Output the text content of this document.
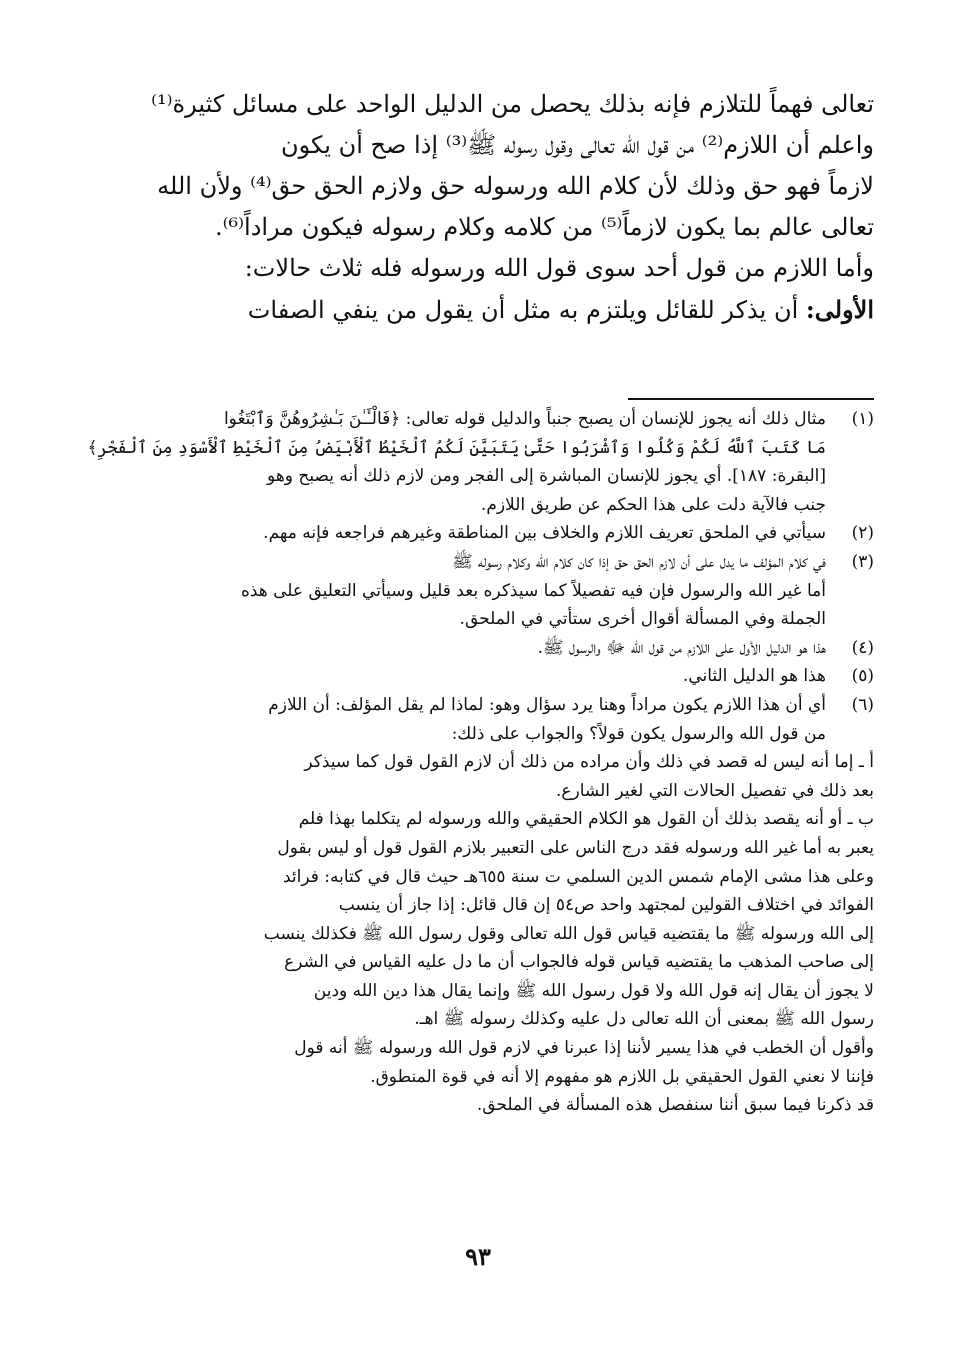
تعالى فهماً للتلازم فإنه بذلك يحصل من الدليل الواحد على مسائل كثيرة⁽¹⁾
واعلم أن اللازم⁽²⁾ من قول الله تعالى وقول رسوله ﷺ⁽³⁾ إذا صح أن يكون
لازماً فهو حق وذلك لأن كلام الله ورسوله حق ولازم الحق حق⁽⁴⁾ ولأن الله
تعالى عالم بما يكون لازماً⁽⁵⁾ من كلامه وكلام رسوله فيكون مراداً⁽⁶⁾.
وأما اللازم من قول أحد سوى قول الله ورسوله فله ثلاث حالات:
الأولى: أن يذكر للقائل ويلتزم به مثل أن يقول من ينفي الصفات
(١)
مثال ذلك أنه يجوز للإنسان أن يصبح جنباً والدليل قوله تعالى: ﴿فَالْـَٔـٰنَ بَـٰشِرُوهُنَّ وَٱبْتَغُوا
مَا كَتَبَ ٱللَّهُ لَكُمْ وَكُلُوا وَٱشْرَبُوا حَتَّىٰ يَتَبَيَّنَ لَكُمُ ٱلْخَيْطُ ٱلْأَبْيَضُ مِنَ ٱلْخَيْطِ ٱلْأَسْوَدِ مِنَ ٱلْفَجْرِ﴾
[البقرة: ١٨٧]. أي يجوز للإنسان المباشرة إلى الفجر ومن لازم ذلك أنه يصبح وهو
جنب فالآية دلت على هذا الحكم عن طريق اللازم.
(٢)
سيأتي في الملحق تعريف اللازم والخلاف بين المناطقة وغيرهم فراجعه فإنه مهم.
(٣)
في كلام المؤلف ما يدل على أن لازم الحق حق إذا كان كلام الله وكلام رسوله ﷺ
أما غير الله والرسول فإن فيه تفصيلاً كما سيذكره بعد قليل وسيأتي التعليق على هذه
الجملة وفي المسألة أقوال أخرى ستأتي في الملحق.
(٤)
هذا هو الدليل الأول على اللازم من قول الله ﷻ والرسول ﷺ.
(٥)
هذا هو الدليل الثاني.
(٦)
أي أن هذا اللازم يكون مراداً وهنا يرد سؤال وهو: لماذا لم يقل المؤلف: أن اللازم
من قول الله والرسول يكون قولاً؟ والجواب على ذلك:
أ ـ إما أنه ليس له قصد في ذلك وأن مراده من ذلك أن لازم القول قول كما سيذكر
بعد ذلك في تفصيل الحالات التي لغير الشارع.
ب ـ أو أنه يقصد بذلك أن القول هو الكلام الحقيقي والله ورسوله لم يتكلما بهذا فلم
يعبر به أما غير الله ورسوله فقد درج الناس على التعبير بلازم القول قول أو ليس بقول
وعلى هذا مشى الإمام شمس الدين السلمي ت سنة ٦٥٥هـ حيث قال في كتابه: فرائد
الفوائد في اختلاف القولين لمجتهد واحد ص٥٤ إن قال قائل: إذا جاز أن ينسب
إلى الله ورسوله ﷺ ما يقتضيه قياس قول الله تعالى وقول رسول الله ﷺ فكذلك ينسب
إلى صاحب المذهب ما يقتضيه قياس قوله فالجواب أن ما دل عليه القياس في الشرع
لا يجوز أن يقال إنه قول الله ولا قول رسول الله ﷺ وإنما يقال هذا دين الله ودين
رسول الله ﷺ بمعنى أن الله تعالى دل عليه وكذلك رسوله ﷺ اهـ.
وأقول أن الخطب في هذا يسير لأننا إذا عبرنا في لازم قول الله ورسوله ﷺ أنه قول
فإننا لا نعني القول الحقيقي بل اللازم هو مفهوم إلا أنه في قوة المنطوق.
قد ذكرنا فيما سبق أننا سنفصل هذه المسألة في الملحق.
٩٣
